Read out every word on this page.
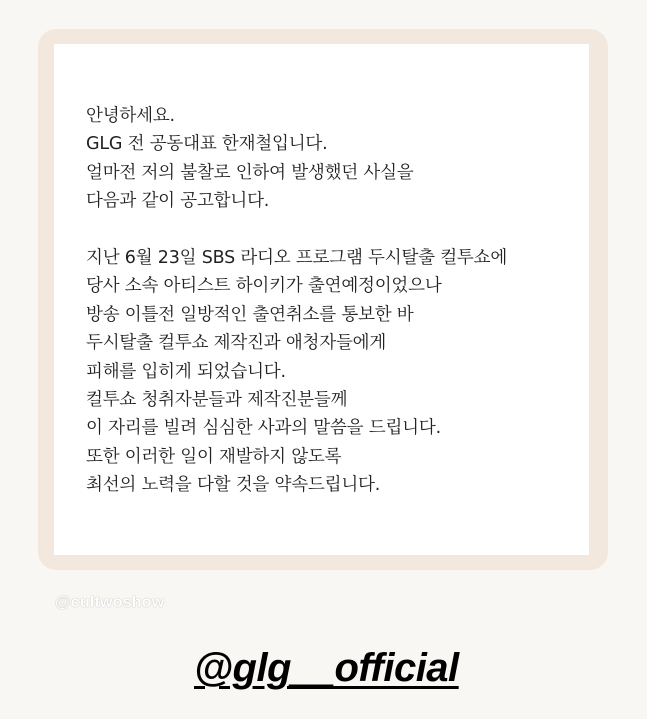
안녕하세요.
GLG 전 공동대표 한재철입니다.
얼마전 저의 불찰로 인하여 발생했던 사실을
다음과 같이 공고합니다.
지난 6월 23일 SBS 라디오 프로그램 두시탈출 컬투쇼에
당사 소속 아티스트 하이키가 출연예정이었으나
방송 이틀전 일방적인 출연취소를 통보한 바
두시탈출 컬투쇼 제작진과 애청자들에게
피해를 입히게 되었습니다.
컬투쇼 청취자분들과 제작진분들께
이 자리를 빌려 심심한 사과의 말씀을 드립니다.
또한 이러한 일이 재발하지 않도록
최선의 노력을 다할 것을 약속드립니다.
@cultwoshow
@glg__official
